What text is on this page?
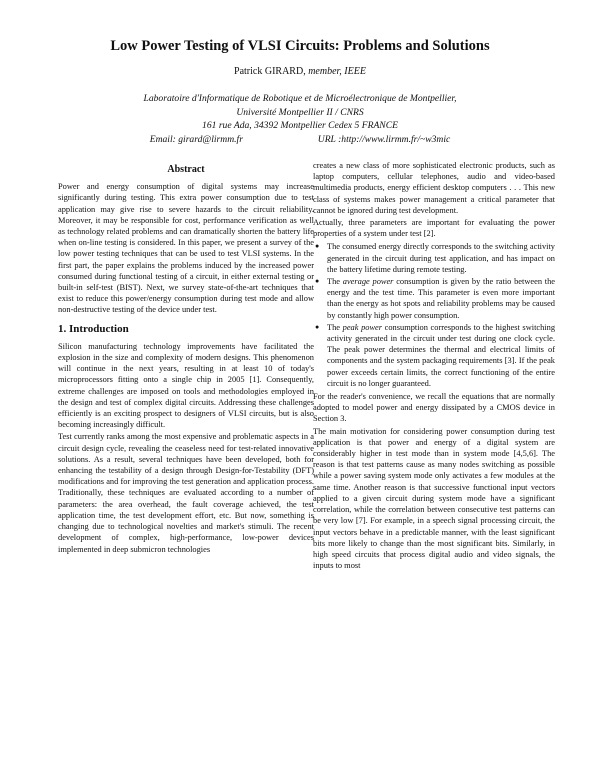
Low Power Testing of VLSI Circuits: Problems and Solutions
Patrick GIRARD, member, IEEE
Laboratoire d'Informatique de Robotique et de Microélectronique de Montpellier,
Université Montpellier II / CNRS
161 rue Ada, 34392 Montpellier Cedex 5 FRANCE
Email: girard@lirmm.fr	URL :http://www.lirmm.fr/~w3mic
Abstract

Power and energy consumption of digital systems may increase significantly during testing. This extra power consumption due to test application may give rise to severe hazards to the circuit reliability. Moreover, it may be responsible for cost, performance verification as well as technology related problems and can dramatically shorten the battery life when on-line testing is considered. In this paper, we present a survey of the low power testing techniques that can be used to test VLSI systems. In the first part, the paper explains the problems induced by the increased power consumed during functional testing of a circuit, in either external testing or built-in self-test (BIST). Next, we survey state-of-the-art techniques that exist to reduce this power/energy consumption during test mode and allow non-destructive testing of the device under test.

1. Introduction

Silicon manufacturing technology improvements have facilitated the explosion in the size and complexity of modern designs. This phenomenon will continue in the next years, resulting in at least 10 of today's microprocessors fitting onto a single chip in 2005 [1]. Consequently, extreme challenges are imposed on tools and methodologies employed in the design and test of complex digital circuits. Addressing these challenges efficiently is an exciting prospect to designers of VLSI circuits, but is also becoming increasingly difficult.

Test currently ranks among the most expensive and problematic aspects in a circuit design cycle, revealing the ceaseless need for test-related innovative solutions. As a result, several techniques have been developed, both for enhancing the testability of a design through Design-for-Testability (DFT) modifications and for improving the test generation and application process. Traditionally, these techniques are evaluated according to a number of parameters: the area overhead, the fault coverage achieved, the test application time, the test development effort, etc. But now, something is changing due to technological novelties and market's stimuli. The recent development of complex, high-performance, low-power devices implemented in deep submicron technologies

creates a new class of more sophisticated electronic products, such as laptop computers, cellular telephones, audio and video-based multimedia products, energy efficient desktop computers . . . This new class of systems makes power management a critical parameter that cannot be ignored during test development.

Actually, three parameters are important for evaluating the power properties of a system under test [2].

● The consumed energy directly corresponds to the switching activity generated in the circuit during test application, and has impact on the battery lifetime during remote testing.
● The average power consumption is given by the ratio between the energy and the test time. This parameter is even more important than the energy as hot spots and reliability problems may be caused by constantly high power consumption.
● The peak power consumption corresponds to the highest switching activity generated in the circuit under test during one clock cycle. The peak power determines the thermal and electrical limits of components and the system packaging requirements [3]. If the peak power exceeds certain limits, the correct functioning of the entire circuit is no longer guaranteed.

For the reader's convenience, we recall the equations that are normally adopted to model power and energy dissipated by a CMOS device in Section 3.

The main motivation for considering power consumption during test application is that power and energy of a digital system are considerably higher in test mode than in system mode [4,5,6]. The reason is that test patterns cause as many nodes switching as possible while a power saving system mode only activates a few modules at the same time. Another reason is that successive functional input vectors applied to a given circuit during system mode have a significant correlation, while the correlation between consecutive test patterns can be very low [7]. For example, in a speech signal processing circuit, the input vectors behave in a predictable manner, with the least significant bits more likely to change than the most significant bits. Similarly, in high speed circuits that process digital audio and video signals, the inputs to most
